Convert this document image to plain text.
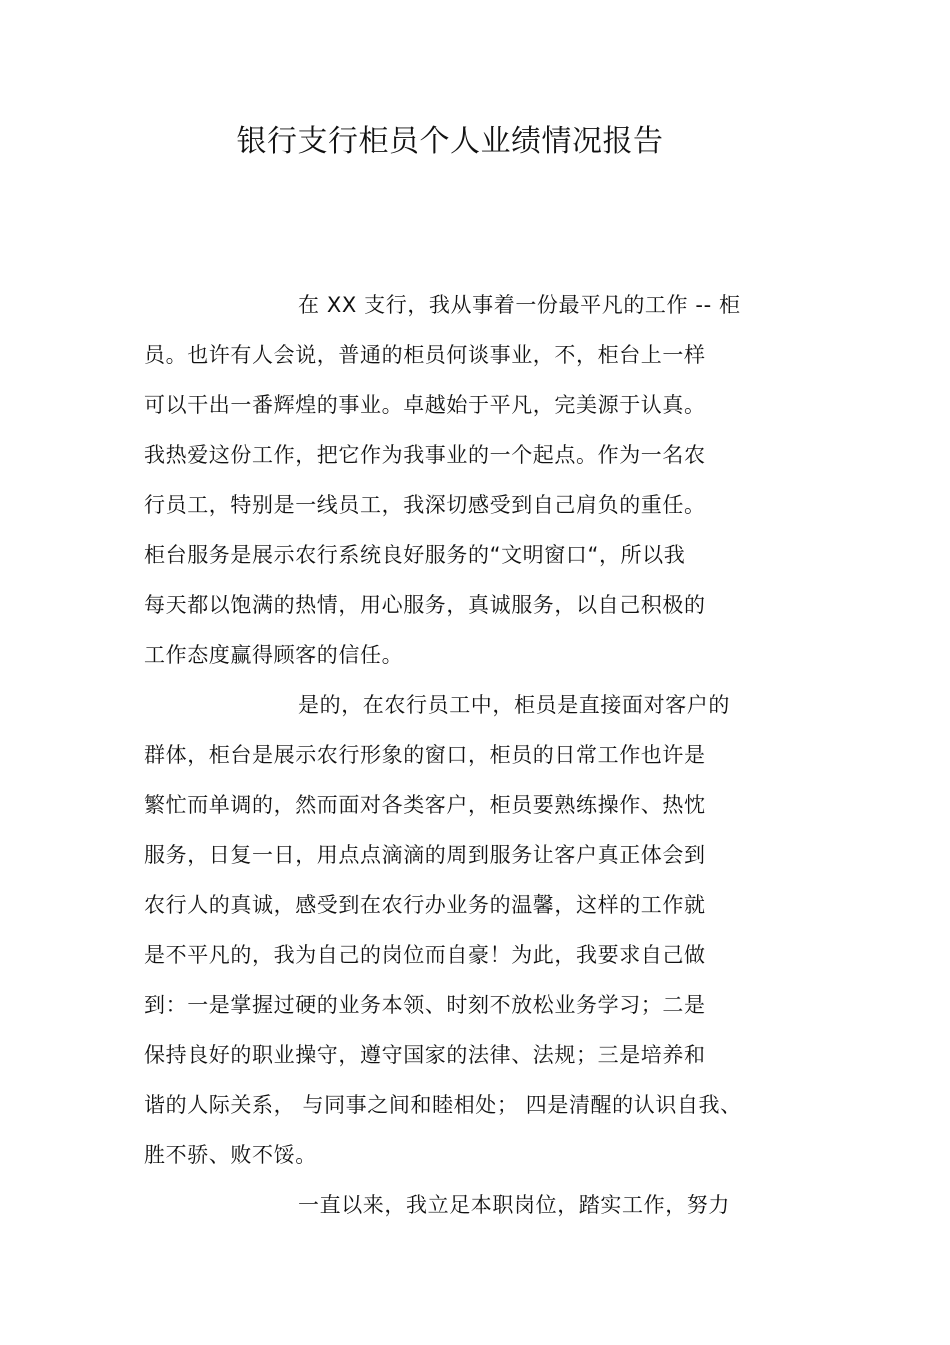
银行支行柜员个人业绩情况报告
在 XX 支行，我从事着一份最平凡的工作 -- 柜
员。也许有人会说，普通的柜员何谈事业，不，柜台上一样
可以干出一番辉煌的事业。卓越始于平凡，完美源于认真。
我热爱这份工作，把它作为我事业的一个起点。作为一名农
行员工，特别是一线员工，我深切感受到自己肩负的重任。
柜台服务是展示农行系统良好服务的“文明窗口“，所以我
每天都以饱满的热情，用心服务，真诚服务，以自己积极的
工作态度赢得顾客的信任。
是的，在农行员工中，柜员是直接面对客户的
群体，柜台是展示农行形象的窗口，柜员的日常工作也许是
繁忙而单调的，然而面对各类客户，柜员要熟练操作、热忱
服务，日复一日，用点点滴滴的周到服务让客户真正体会到
农行人的真诚，感受到在农行办业务的温馨，这样的工作就
是不平凡的，我为自己的岗位而自豪！为此，我要求自己做
到：一是掌握过硬的业务本领、时刻不放松业务学习；二是
保持良好的职业操守，遵守国家的法律、法规；三是培养和
谐的人际关系， 与同事之间和睦相处； 四是清醒的认识自我、
胜不骄、败不馁。
一直以来，我立足本职岗位，踏实工作，努力
